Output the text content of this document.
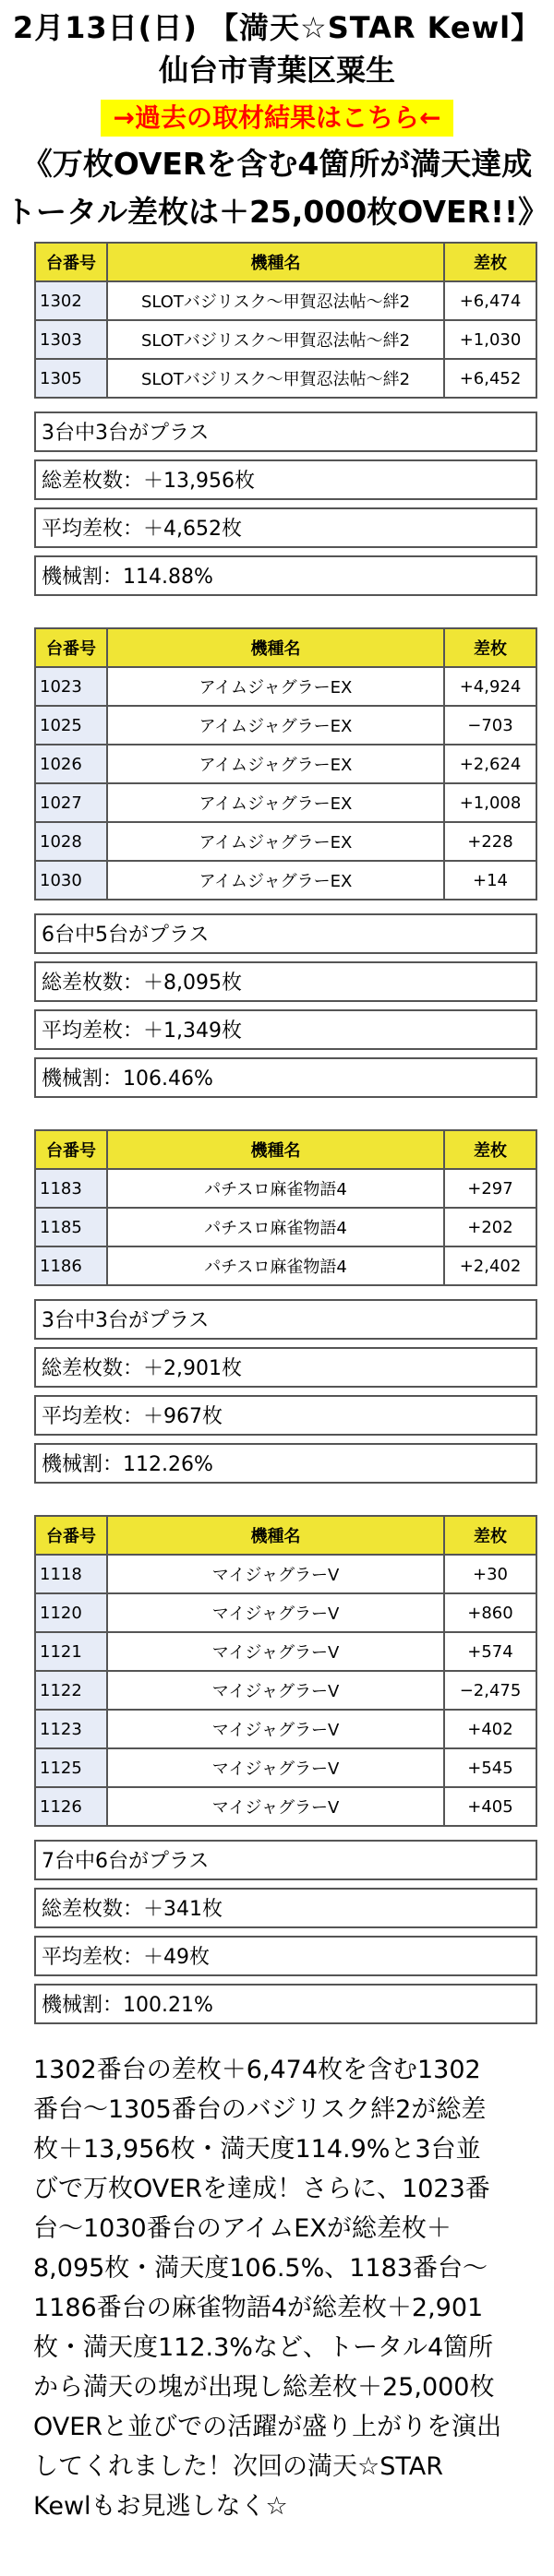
2月13日(日) 【満天☆STAR Kewl】
仙台市青葉区粟生
→過去の取材結果はこちら←
《万枚OVERを含む4箇所が満天達成
トータル差枚は＋25,000枚OVER!!》
台番号	機種名	差枚
1302	SLOTバジリスク～甲賀忍法帖～絆2	+6,474
1303	SLOTバジリスク～甲賀忍法帖～絆2	+1,030
1305	SLOTバジリスク～甲賀忍法帖～絆2	+6,452
3台中3台がプラス
総差枚数：＋13,956枚
平均差枚：＋4,652枚
機械割：114.88%
台番号	機種名	差枚
1023	アイムジャグラーEX	+4,924
1025	アイムジャグラーEX	−703
1026	アイムジャグラーEX	+2,624
1027	アイムジャグラーEX	+1,008
1028	アイムジャグラーEX	+228
1030	アイムジャグラーEX	+14
6台中5台がプラス
総差枚数：＋8,095枚
平均差枚：＋1,349枚
機械割：106.46%
台番号	機種名	差枚
1183	パチスロ麻雀物語4	+297
1185	パチスロ麻雀物語4	+202
1186	パチスロ麻雀物語4	+2,402
3台中3台がプラス
総差枚数：＋2,901枚
平均差枚：＋967枚
機械割：112.26%
台番号	機種名	差枚
1118	マイジャグラーV	+30
1120	マイジャグラーV	+860
1121	マイジャグラーV	+574
1122	マイジャグラーV	−2,475
1123	マイジャグラーV	+402
1125	マイジャグラーV	+545
1126	マイジャグラーV	+405
7台中6台がプラス
総差枚数：＋341枚
平均差枚：＋49枚
機械割：100.21%
1302番台の差枚＋6,474枚を含む1302
番台～1305番台のバジリスク絆2が総差
枚＋13,956枚・満天度114.9%と3台並
びで万枚OVERを達成！さらに、1023番
台～1030番台のアイムEXが総差枚＋
8,095枚・満天度106.5%、1183番台～
1186番台の麻雀物語4が総差枚＋2,901
枚・満天度112.3%など、トータル4箇所
から満天の塊が出現し総差枚＋25,000枚
OVERと並びでの活躍が盛り上がりを演出
してくれました！次回の満天☆STAR
Kewlもお見逃しなく☆
